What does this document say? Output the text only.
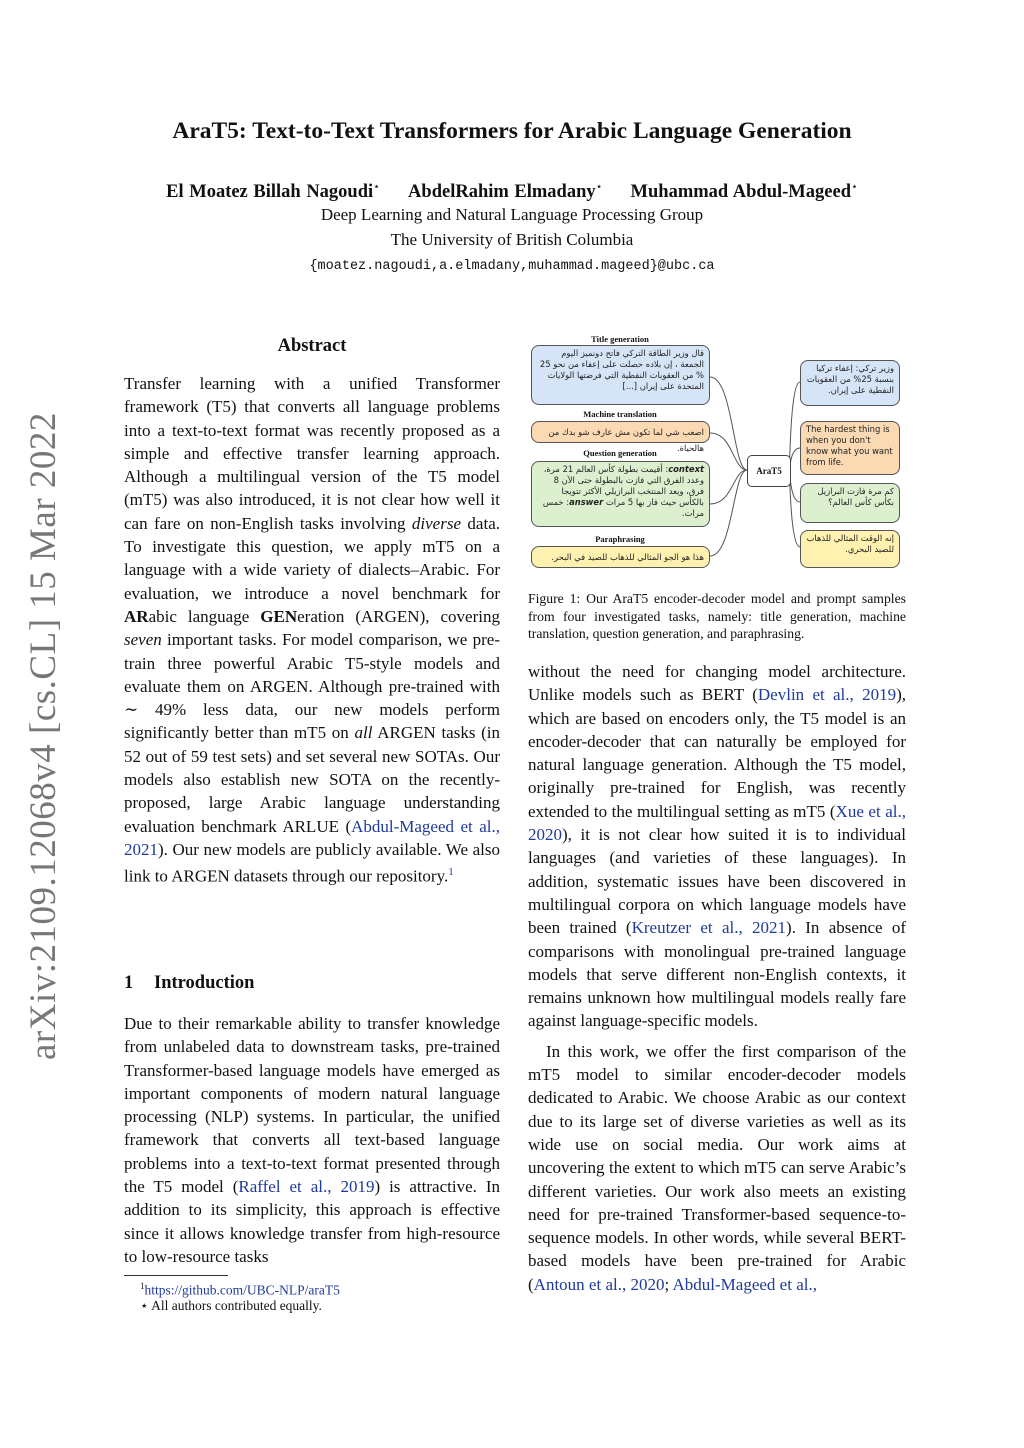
arXiv:2109.12068v4 [cs.CL] 15 Mar 2022
AraT5: Text-to-Text Transformers for Arabic Language Generation
El Moatez Billah Nagoudi⋆ AbdelRahim Elmadany⋆ Muhammad Abdul-Mageed⋆
Deep Learning and Natural Language Processing Group
The University of British Columbia
{moatez.nagoudi,a.elmadany,muhammad.mageed}@ubc.ca
Abstract

Transfer learning with a unified Transformer framework (T5) that converts all language problems into a text-to-text format was recently proposed as a simple and effective transfer learning approach. Although a multilingual version of the T5 model (mT5) was also introduced, it is not clear how well it can fare on non-English tasks involving diverse data. To investigate this question, we apply mT5 on a language with a wide variety of dialects–Arabic. For evaluation, we introduce a novel benchmark for ARabic language GENeration (ARGEN), covering seven important tasks. For model comparison, we pre-train three powerful Arabic T5-style models and evaluate them on ARGEN. Although pre-trained with ∼ 49% less data, our new models perform significantly better than mT5 on all ARGEN tasks (in 52 out of 59 test sets) and set several new SOTAs. Our models also establish new SOTA on the recently-proposed, large Arabic language understanding evaluation benchmark ARLUE (Abdul-Mageed et al., 2021). Our new models are publicly available. We also link to ARGEN datasets through our repository.$^1$

1 Introduction

Due to their remarkable ability to transfer knowledge from unlabeled data to downstream tasks, pre-trained Transformer-based language models have emerged as important components of modern natural language processing (NLP) systems. In particular, the unified framework that converts all text-based language problems into a text-to-text format presented through the T5 model (Raffel et al., 2019) is attractive. In addition to its simplicity, this approach is effective since it allows knowledge transfer from high-resource to low-resource tasks

$^1$https://github.com/UBC-NLP/araT5
⋆ All authors contributed equally.
Title generation
قال وزير الطاقة التركي فاتح دونميز اليوم الجمعة ، إن بلاده حصلت على إعفاء من نحو 25 % من العقوبات النفطية التي فرضتها الولايات المتحدة على إيران [...]
Machine translation
اصعب شي لما تكون مش عارف شو بدك من هالحياة.
Question generation
context: أقيمت بطولة كأس العالم 21 مرة، وعدد الفرق التي فازت بالبطولة حتى الآن 8 فرق، ويعد المنتخب البرازيلي الأكثر تتويجا بالكأس حيث فاز بها 5 مرات answer: خمس مرات.
Paraphrasing
هذا هو الجو المثالي للذهاب للصيد في البحر.
AraT5
وزير تركي: إعفاء تركيا بنسبة 25% من العقوبات النفطية على إيران.
The hardest thing is when you don't know what you want from life.
كم مرة فازت البرازيل بكأس كأس العالم؟
إنه الوقت المثالي للذهاب للصيد البحري.
Figure 1: Our AraT5 encoder-decoder model and prompt samples from four investigated tasks, namely: title generation, machine translation, question generation, and paraphrasing.

without the need for changing model architecture. Unlike models such as BERT (Devlin et al., 2019), which are based on encoders only, the T5 model is an encoder-decoder that can naturally be employed for natural language generation. Although the T5 model, originally pre-trained for English, was recently extended to the multilingual setting as mT5 (Xue et al., 2020), it is not clear how suited it is to individual languages (and varieties of these languages). In addition, systematic issues have been discovered in multilingual corpora on which language models have been trained (Kreutzer et al., 2021). In absence of comparisons with monolingual pre-trained language models that serve different non-English contexts, it remains unknown how multilingual models really fare against language-specific models.

In this work, we offer the first comparison of the mT5 model to similar encoder-decoder models dedicated to Arabic. We choose Arabic as our context due to its large set of diverse varieties as well as its wide use on social media. Our work aims at uncovering the extent to which mT5 can serve Arabic’s different varieties. Our work also meets an existing need for pre-trained Transformer-based sequence-to-sequence models. In other words, while several BERT-based models have been pre-trained for Arabic (Antoun et al., 2020; Abdul-Mageed et al.,
